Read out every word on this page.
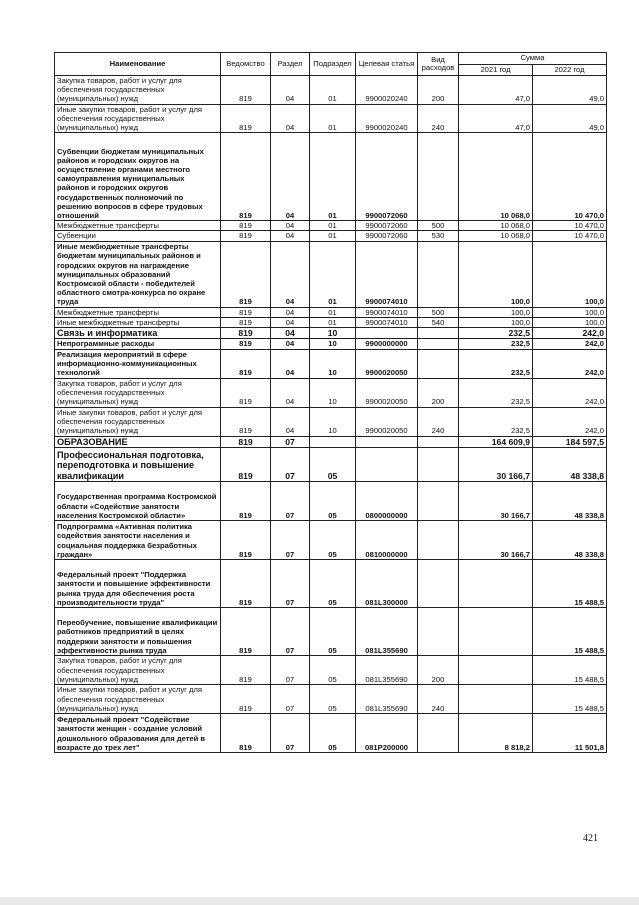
Наименование	Ведомство	Раздел	Подраздел	Целевая статья	Вид расходов	Сумма	
						2021 год	2022 год
Закупка товаров, работ и услуг для обеспечения государственных (муниципальных) нужд	819	04	01	9900020240	200	47,0	49,0
Иные закупки товаров, работ и услуг для обеспечения государственных (муниципальных) нужд	819	04	01	9900020240	240	47,0	49,0
Субвенции бюджетам муниципальных районов и городских округов на осуществление органами местного самоуправления муниципальных районов и городских округов государственных полномочий по решению вопросов в сфере трудовых отношений	819	04	01	9900072060		10 068,0	10 470,0
Межбюджетные трансферты	819	04	01	9900072060	500	10 068,0	10 470,0
Субвенции	819	04	01	9900072060	530	10 068,0	10 470,0
Иные межбюджетные трансферты бюджетам муниципальных районов и городских округов на награждение муниципальных образований Костромской области - победителей областного смотра-конкурса по охране труда	819	04	01	9900074010		100,0	100,0
Межбюджетные трансферты	819	04	01	9900074010	500	100,0	100,0
Иные межбюджетные трансферты	819	04	01	9900074010	540	100,0	100,0
Связь и информатика	819	04	10			232,5	242,0
Непрограммные расходы	819	04	10	9900000000		232,5	242,0
Реализация мероприятий в сфере информационно-коммуникационных технологий	819	04	10	9900020050		232,5	242,0
Закупка товаров, работ и услуг для обеспечения государственных (муниципальных) нужд	819	04	10	9900020050	200	232,5	242,0
Иные закупки товаров, работ и услуг для обеспечения государственных (муниципальных) нужд	819	04	10	9900020050	240	232,5	242,0
ОБРАЗОВАНИЕ	819	07				164 609,9	184 597,5
Профессиональная подготовка, переподготовка и повышение квалификации	819	07	05			30 166,7	48 338,8
Государственная программа Костромской области «Содействие занятости населения Костромской области»	819	07	05	0800000000		30 166,7	48 338,8
Подпрограмма «Активная политика содействия занятости населения и социальная поддержка безработных граждан»	819	07	05	0810000000		30 166,7	48 338,8
Федеральный проект "Поддержка занятости и повышение эффективности рынка труда для обеспечения роста производительности труда"	819	07	05	081L300000			15 488,5
Переобучение, повышение квалификации работников предприятий в целях поддержки занятости и повышения эффективности рынка труда	819	07	05	081L355690			15 488,5
Закупка товаров, работ и услуг для обеспечения государственных (муниципальных) нужд	819	07	05	081L355690	200		15 488,5
Иные закупки товаров, работ и услуг для обеспечения государственных (муниципальных) нужд	819	07	05	081L355690	240		15 488,5
Федеральный проект "Содействие занятости женщин - создание условий дошкольного образования для детей в возрасте до трех лет"	819	07	05	081P200000		8 818,2	11 501,8
421
